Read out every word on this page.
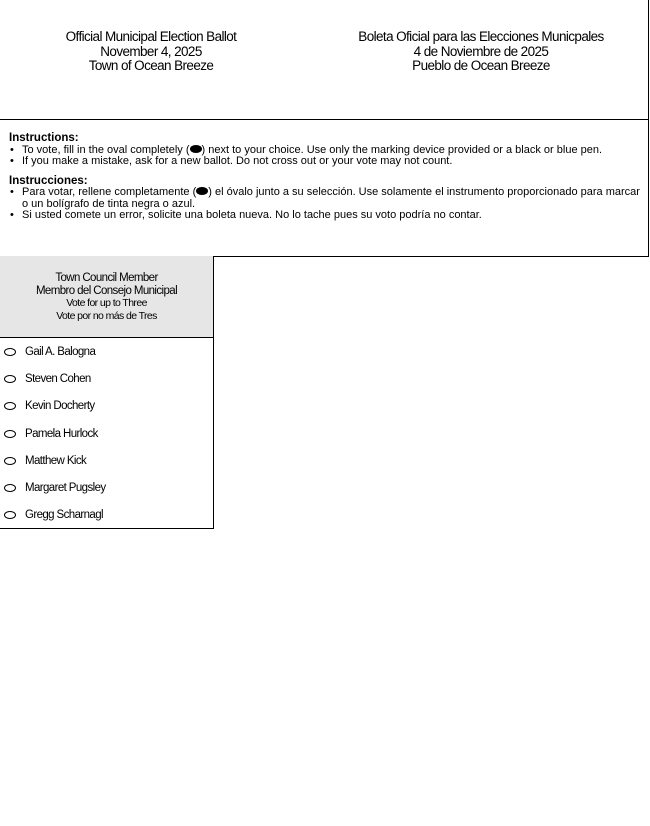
Official Municipal Election Ballot
November 4, 2025
Town of Ocean Breeze
Boleta Oficial para las Elecciones Municpales
4 de Noviembre de 2025
Pueblo de Ocean Breeze
Instructions:
• To vote, fill in the oval completely ( ) next to your choice. Use only the marking device provided or a black or blue pen.
• If you make a mistake, ask for a new ballot. Do not cross out or your vote may not count.
Instrucciones:
• Para votar, rellene completamente ( ) el óvalo junto a su selección. Use solamente el instrumento proporcionado para marcar o un bolígrafo de tinta negra o azul.
• Si usted comete un error, solicite una boleta nueva. No lo tache pues su voto podría no contar.
Town Council Member
Membro del Consejo Municipal
Vote for up to Three
Vote por no más de Tres
Gail A. Balogna
Steven Cohen
Kevin Docherty
Pamela Hurlock
Matthew Kick
Margaret Pugsley
Gregg Scharnagl
